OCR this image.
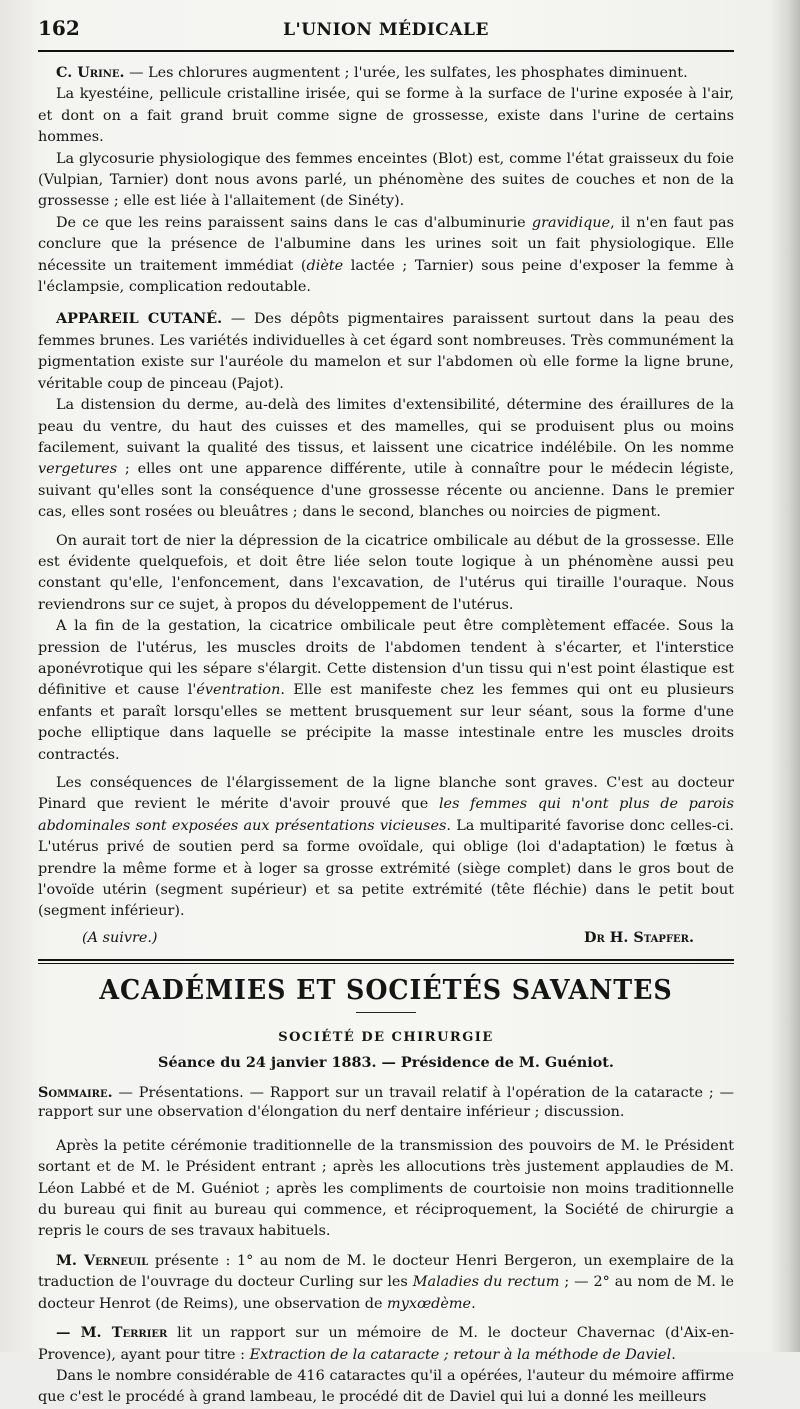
162	L'UNION MÉDICALE

C. Urine. — Les chlorures augmentent ; l'urée, les sulfates, les phosphates diminuent.

La kyestéine, pellicule cristalline irisée, qui se forme à la surface de l'urine exposée à l'air, et dont on a fait grand bruit comme signe de grossesse, existe dans l'urine de certains hommes.

La glycosurie physiologique des femmes enceintes (Blot) est, comme l'état graisseux du foie (Vulpian, Tarnier) dont nous avons parlé, un phénomène des suites de couches et non de la grossesse ; elle est liée à l'allaitement (de Sinéty).

De ce que les reins paraissent sains dans le cas d'albuminurie gravidique, il n'en faut pas conclure que la présence de l'albumine dans les urines soit un fait physiologique. Elle nécessite un traitement immédiat (diète lactée ; Tarnier) sous peine d'exposer la femme à l'éclampsie, complication redoutable.

APPAREIL CUTANÉ. — Des dépôts pigmentaires paraissent surtout dans la peau des femmes brunes. Les variétés individuelles à cet égard sont nombreuses. Très communément la pigmentation existe sur l'auréole du mamelon et sur l'abdomen où elle forme la ligne brune, véritable coup de pinceau (Pajot).

La distension du derme, au-delà des limites d'extensibilité, détermine des éraillures de la peau du ventre, du haut des cuisses et des mamelles, qui se produisent plus ou moins facilement, suivant la qualité des tissus, et laissent une cicatrice indélébile. On les nomme vergetures ; elles ont une apparence différente, utile à connaître pour le médecin légiste, suivant qu'elles sont la conséquence d'une grossesse récente ou ancienne. Dans le premier cas, elles sont rosées ou bleuâtres ; dans le second, blanches ou noircies de pigment.

On aurait tort de nier la dépression de la cicatrice ombilicale au début de la grossesse. Elle est évidente quelquefois, et doit être liée selon toute logique à un phénomène aussi peu constant qu'elle, l'enfoncement, dans l'excavation, de l'utérus qui tiraille l'ouraque. Nous reviendrons sur ce sujet, à propos du développement de l'utérus.

A la fin de la gestation, la cicatrice ombilicale peut être complètement effacée. Sous la pression de l'utérus, les muscles droits de l'abdomen tendent à s'écarter, et l'interstice aponévrotique qui les sépare s'élargit. Cette distension d'un tissu qui n'est point élastique est définitive et cause l'éventration. Elle est manifeste chez les femmes qui ont eu plusieurs enfants et paraît lorsqu'elles se mettent brusquement sur leur séant, sous la forme d'une poche elliptique dans laquelle se précipite la masse intestinale entre les muscles droits contractés.

Les conséquences de l'élargissement de la ligne blanche sont graves. C'est au docteur Pinard que revient le mérite d'avoir prouvé que les femmes qui n'ont plus de parois abdominales sont exposées aux présentations vicieuses. La multiparité favorise donc celles-ci. L'utérus privé de soutien perd sa forme ovoïdale, qui oblige (loi d'adaptation) le fœtus à prendre la même forme et à loger sa grosse extrémité (siège complet) dans le gros bout de l'ovoïde utérin (segment supérieur) et sa petite extrémité (tête fléchie) dans le petit bout (segment inférieur).

(A suivre.)	Dr H. Stapfer.
ACADÉMIES ET SOCIÉTÉS SAVANTES
SOCIÉTÉ DE CHIRURGIE
Séance du 24 janvier 1883. — Présidence de M. Guéniot.
Sommaire. — Présentations. — Rapport sur un travail relatif à l'opération de la cataracte ; — rapport sur une observation d'élongation du nerf dentaire inférieur ; discussion.

Après la petite cérémonie traditionnelle de la transmission des pouvoirs de M. le Président sortant et de M. le Président entrant ; après les allocutions très justement applaudies de M. Léon Labbé et de M. Guéniot ; après les compliments de courtoisie non moins traditionnelle du bureau qui finit au bureau qui commence, et réciproquement, la Société de chirurgie a repris le cours de ses travaux habituels.

M. Verneuil présente : 1° au nom de M. le docteur Henri Bergeron, un exemplaire de la traduction de l'ouvrage du docteur Curling sur les Maladies du rectum ; — 2° au nom de M. le docteur Henrot (de Reims), une observation de myxœdème.

— M. Terrier lit un rapport sur un mémoire de M. le docteur Chavernac (d'Aix-en-Provence), ayant pour titre : Extraction de la cataracte ; retour à la méthode de Daviel.

Dans le nombre considérable de 416 cataractes qu'il a opérées, l'auteur du mémoire affirme que c'est le procédé à grand lambeau, le procédé dit de Daviel qui lui a donné les meilleurs
